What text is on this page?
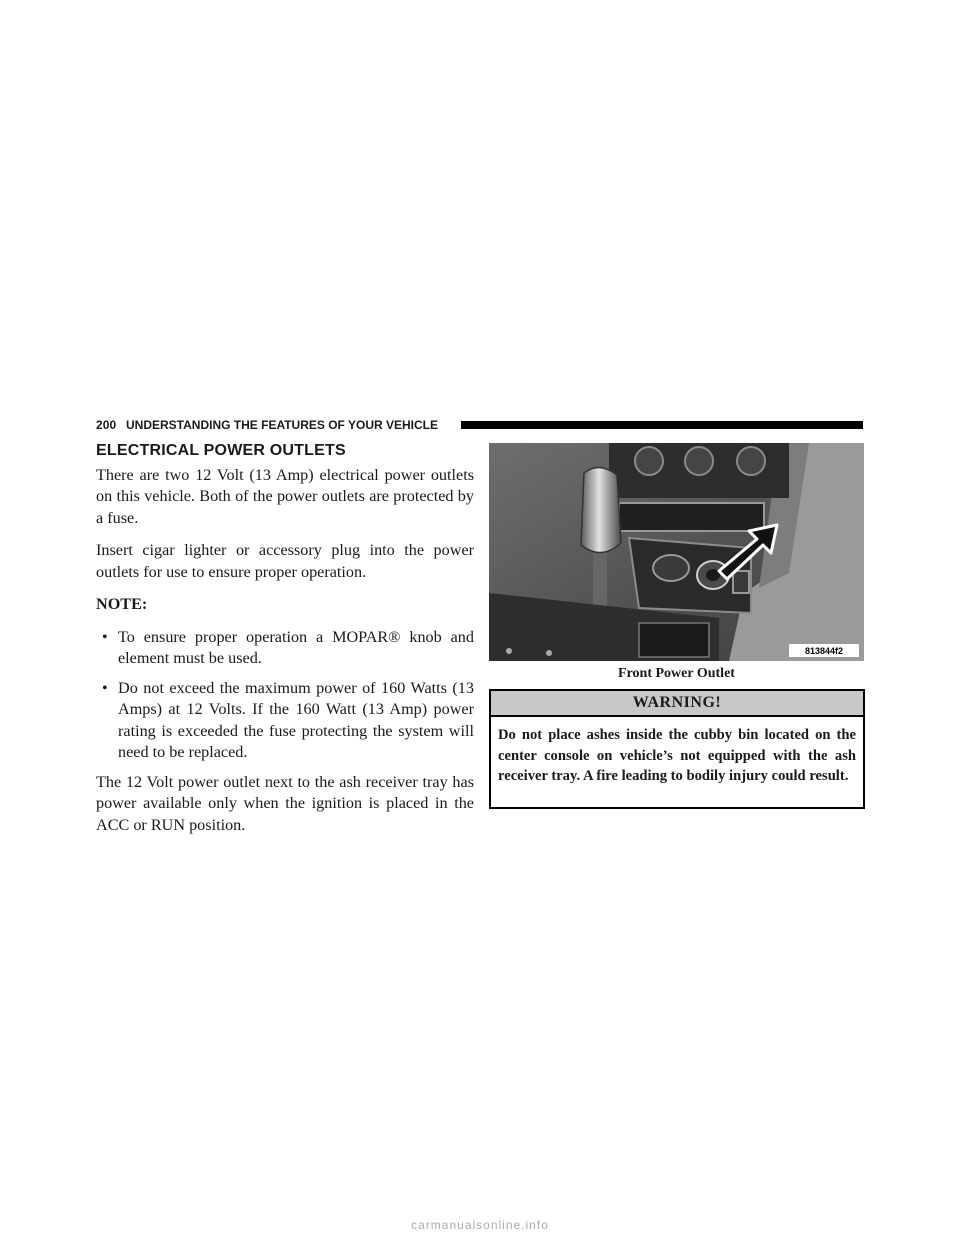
200 UNDERSTANDING THE FEATURES OF YOUR VEHICLE
ELECTRICAL POWER OUTLETS

There are two 12 Volt (13 Amp) electrical power outlets on this vehicle. Both of the power outlets are protected by a fuse.

Insert cigar lighter or accessory plug into the power outlets for use to ensure proper operation.

NOTE:

• To ensure proper operation a MOPAR® knob and element must be used.
• Do not exceed the maximum power of 160 Watts (13 Amps) at 12 Volts. If the 160 Watt (13 Amp) power rating is exceeded the fuse protecting the system will need to be replaced.

The 12 Volt power outlet next to the ash receiver tray has power available only when the ignition is placed in the ACC or RUN position.

813844f2
Front Power Outlet
WARNING!
Do not place ashes inside the cubby bin located on the center console on vehicle’s not equipped with the ash receiver tray. A fire leading to bodily injury could result.
carmanualsonline.info
